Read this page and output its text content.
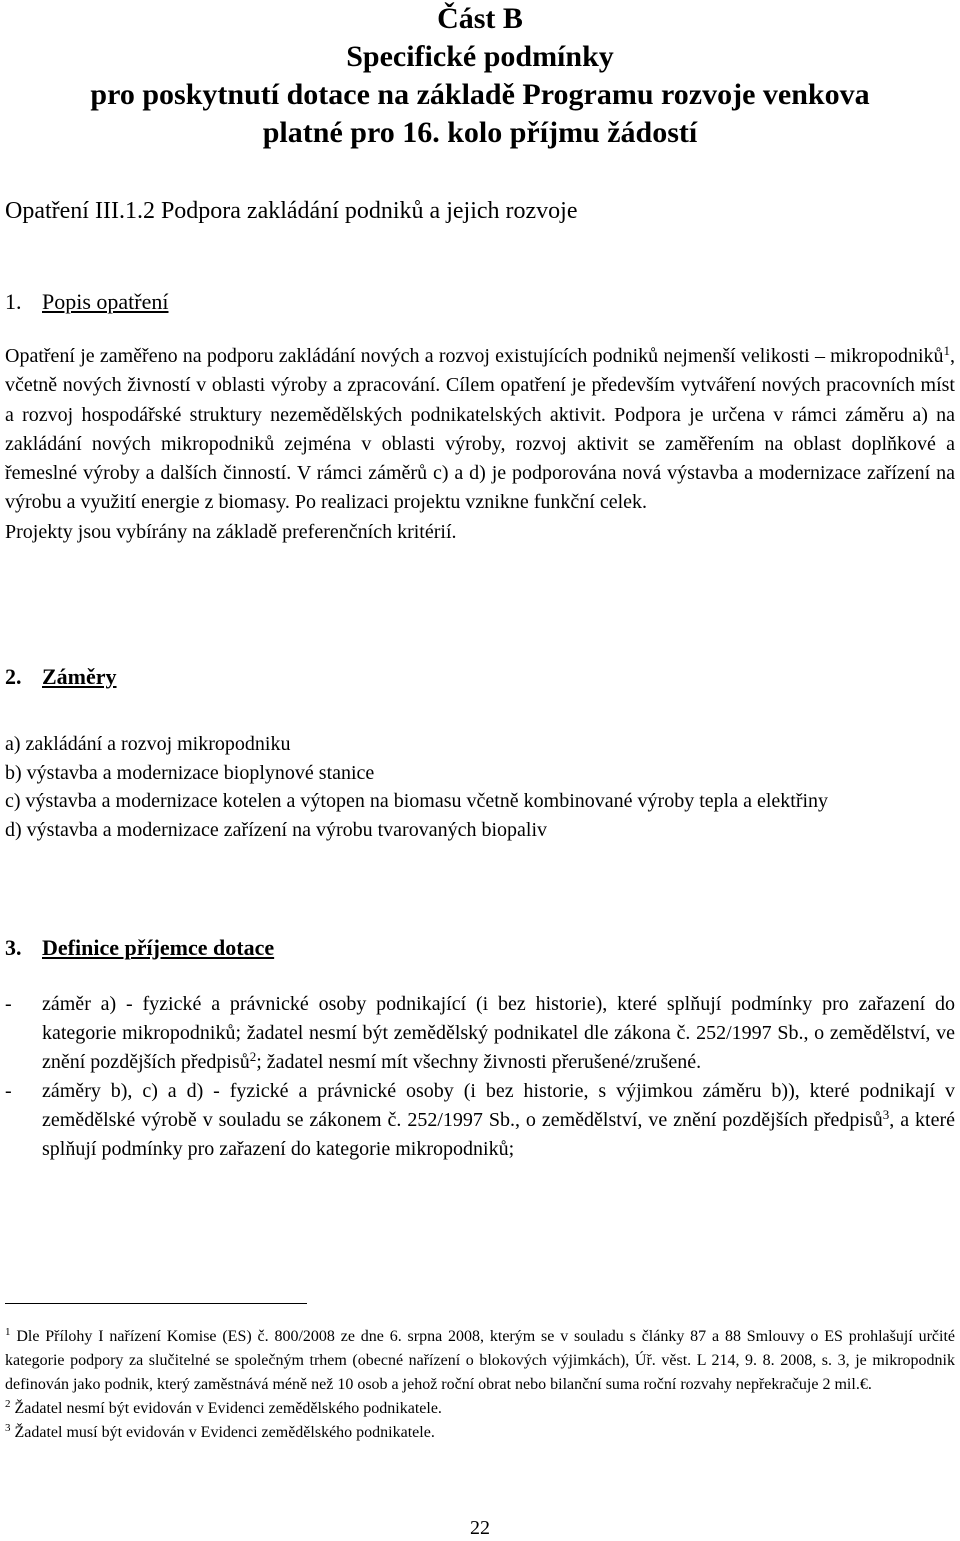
Část B

Specifické podmínky

pro poskytnutí dotace na základě Programu rozvoje venkova

platné pro 16. kolo příjmu žádostí

Opatření III.1.2 Podpora zakládání podniků a jejich rozvoje
1. Popis opatření

Opatření je zaměřeno na podporu zakládání nových a rozvoj existujících podniků nejmenší velikosti – mikropodniků$^1$, včetně nových živností v oblasti výroby a zpracování. Cílem opatření je především vytváření nových pracovních míst a rozvoj hospodářské struktury nezemědělských podnikatelských aktivit. Podpora je určena v rámci záměru a) na zakládání nových mikropodniků zejména v oblasti výroby, rozvoj aktivit se zaměřením na oblast doplňkové a řemeslné výroby a dalších činností. V rámci záměrů c) a d) je podporována nová výstavba a modernizace zařízení na výrobu a využití energie z biomasy. Po realizaci projektu vznikne funkční celek.

Projekty jsou vybírány na základě preferenčních kritérií.

2. Záměry
a) zakládání a rozvoj mikropodniku
b) výstavba a modernizace bioplynové stanice
c) výstavba a modernizace kotelen a výtopen na biomasu včetně kombinované výroby tepla a elektřiny
d) výstavba a modernizace zařízení na výrobu tvarovaných biopaliv
3. Definice příjemce dotace
- záměr a) - fyzické a právnické osoby podnikající (i bez historie), které splňují podmínky pro zařazení do kategorie mikropodniků; žadatel nesmí být zemědělský podnikatel dle zákona č. 252/1997 Sb., o zemědělství, ve znění pozdějších předpisů$^2$; žadatel nesmí mít všechny živnosti přerušené/zrušené.
- záměry b), c) a d) - fyzické a právnické osoby (i bez historie, s výjimkou záměru b)), které podnikají v zemědělské výrobě v souladu se zákonem č. 252/1997 Sb., o zemědělství, ve znění pozdějších předpisů$^3$, a které splňují podmínky pro zařazení do kategorie mikropodniků;

$^1$ Dle Přílohy I nařízení Komise (ES) č. 800/2008 ze dne 6. srpna 2008, kterým se v souladu s články 87 a 88 Smlouvy o ES prohlašují určité kategorie podpory za slučitelné se společným trhem (obecné nařízení o blokových výjimkách), Úř. věst. L 214, 9. 8. 2008, s. 3, je mikropodnik definován jako podnik, který zaměstnává méně než 10 osob a jehož roční obrat nebo bilanční suma roční rozvahy nepřekračuje 2 mil.€.

$^2$ Žadatel nesmí být evidován v Evidenci zemědělského podnikatele.

$^3$ Žadatel musí být evidován v Evidenci zemědělského podnikatele.

22
